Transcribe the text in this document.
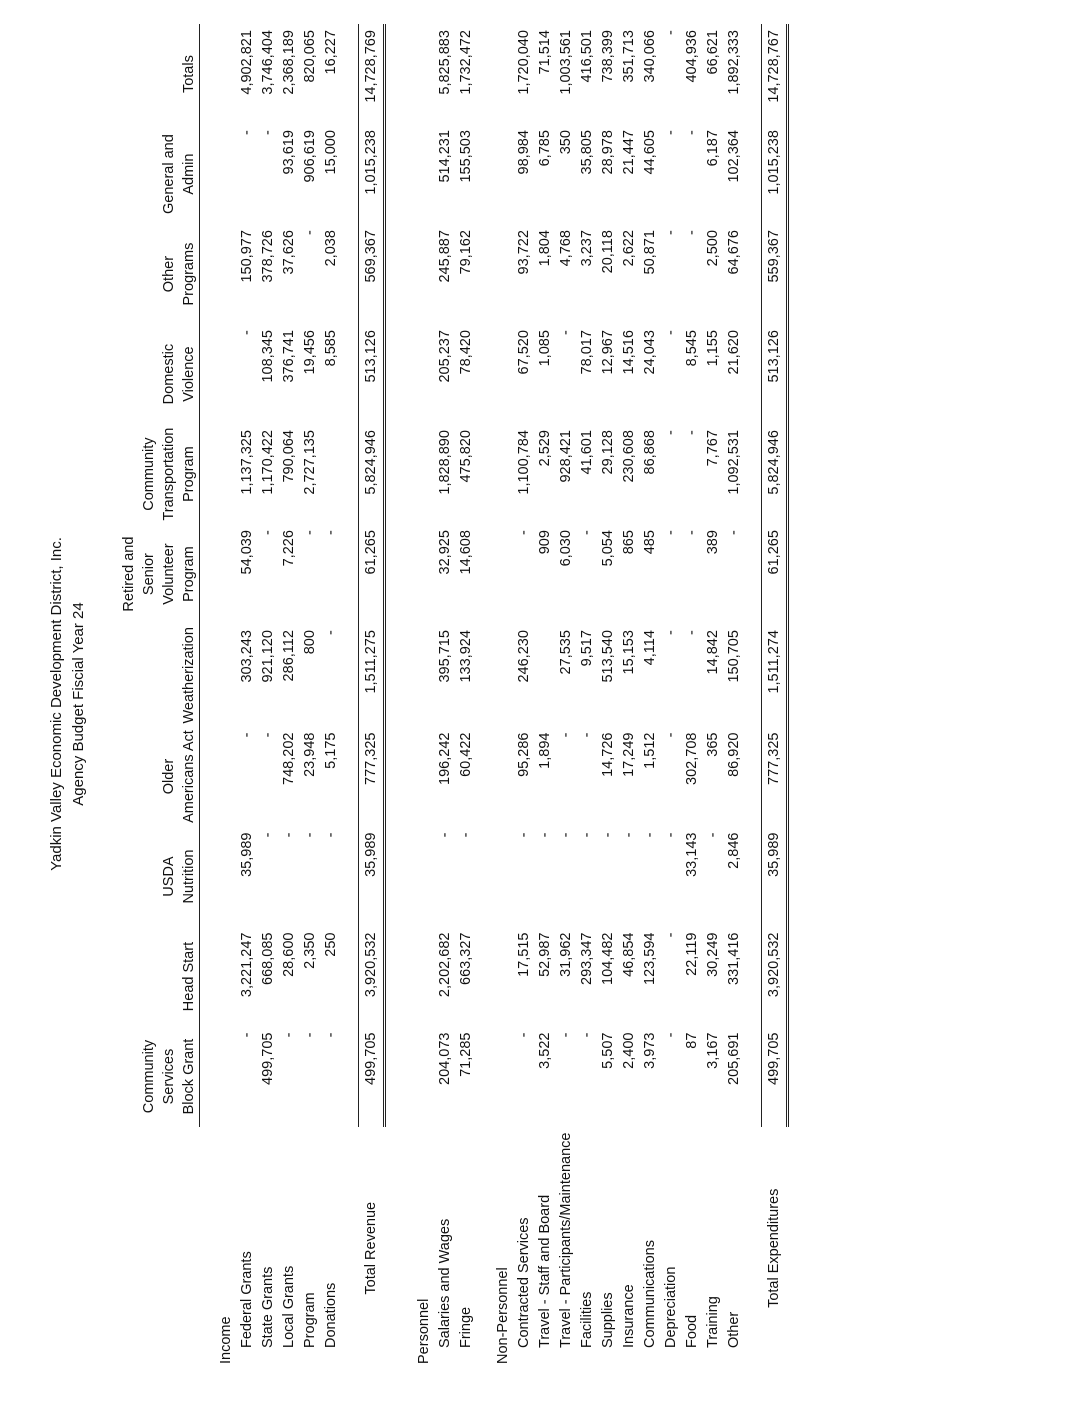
Yadkin Valley Economic Development District, Inc. Agency Budget Fiscial Year 24
	Community Services Block Grant	Head Start	USDA Nutrition	Older Americans Act	Weatherization	Retired and Senior Volunteer Program	Community Transportation Program	Domestic Violence	Other Programs	General and Admin	Totals

Income											
Federal Grants	-	3,221,247	35,989	-	303,243	54,039	1,137,325	-	150,977	-	4,902,821
State Grants	499,705	668,085	-	-	921,120	-	1,170,422	108,345	378,726	-	3,746,404
Local Grants	-	28,600	-	748,202	286,112	7,226	790,064	376,741	37,626	93,619	2,368,189
Program	-	2,350	-	23,948	800	-	2,727,135	19,456	-	906,619	820,065
Donations	-	250	-	5,175	-	-		8,585	2,038	15,000	16,227

Total Revenue	499,705	3,920,532	35,989	777,325	1,511,275	61,265	5,824,946	513,126	569,367	1,015,238	14,728,769

Personnel											
Salaries and Wages	204,073	2,202,682	-	196,242	395,715	32,925	1,828,890	205,237	245,887	514,231	5,825,883
Fringe	71,285	663,327	-	60,422	133,924	14,608	475,820	78,420	79,162	155,503	1,732,472

Non-Personnel											
Contracted Services	-	17,515	-	95,286	246,230	-	1,100,784	67,520	93,722	98,984	1,720,040
Travel - Staff and Board	3,522	52,987	-	1,894		909	2,529	1,085	1,804	6,785	71,514
Travel - Participants/Maintenance	-	31,962	-	-	27,535	6,030	928,421	-	4,768	350	1,003,561
Facilities	-	293,347	-	-	9,517	-	41,601	78,017	3,237	35,805	416,501
Supplies	5,507	104,482	-	14,726	513,540	5,054	29,128	12,967	20,118	28,978	738,399
Insurance	2,400	46,854	-	17,249	15,153	865	230,608	14,516	2,622	21,447	351,713
Communications	3,973	123,594	-	1,512	4,114	485	86,868	24,043	50,871	44,605	340,066
Depreciation	-	-	-	-	-	-	-	-	-	-	-
Food	87	22,119	33,143	302,708	-	-	-	8,545	-	-	404,936
Training	3,167	30,249	-	365	14,842	389	7,767	1,155	2,500	6,187	66,621
Other	205,691	331,416	2,846	86,920	150,705	-	1,092,531	21,620	64,676	102,364	1,892,333

Total Expenditures	499,705	3,920,532	35,989	777,325	1,511,274	61,265	5,824,946	513,126	559,367	1,015,238	14,728,767
